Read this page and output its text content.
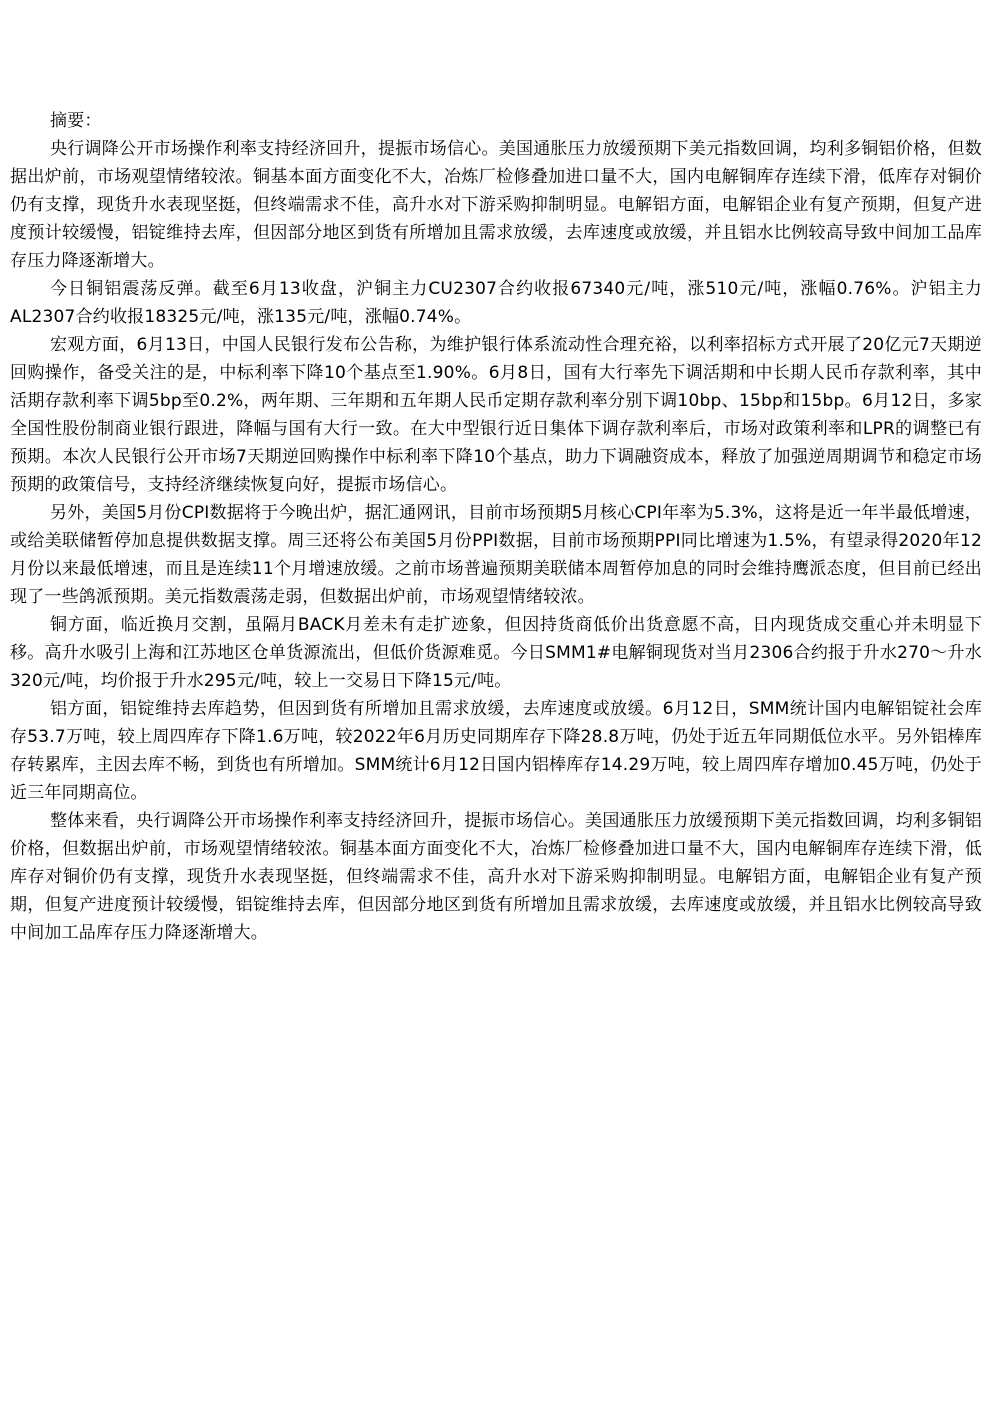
摘要：

央行调降公开市场操作利率支持经济回升，提振市场信心。美国通胀压力放缓预期下美元指数回调，均利多铜铝价格，但数据出炉前，市场观望情绪较浓。铜基本面方面变化不大，冶炼厂检修叠加进口量不大，国内电解铜库存连续下滑，低库存对铜价仍有支撑，现货升水表现坚挺，但终端需求不佳，高升水对下游采购抑制明显。电解铝方面，电解铝企业有复产预期，但复产进度预计较缓慢，铝锭维持去库，但因部分地区到货有所增加且需求放缓，去库速度或放缓，并且铝水比例较高导致中间加工品库存压力降逐渐增大。

今日铜铝震荡反弹。截至6月13收盘，沪铜主力CU2307合约收报67340元/吨，涨510元/吨，涨幅0.76%。沪铝主力AL2307合约收报18325元/吨，涨135元/吨，涨幅0.74%。

宏观方面，6月13日，中国人民银行发布公告称，为维护银行体系流动性合理充裕，以利率招标方式开展了20亿元7天期逆回购操作，备受关注的是，中标利率下降10个基点至1.90%。6月8日，国有大行率先下调活期和中长期人民币存款利率，其中活期存款利率下调5bp至0.2%，两年期、三年期和五年期人民币定期存款利率分别下调10bp、15bp和15bp。6月12日，多家全国性股份制商业银行跟进，降幅与国有大行一致。在大中型银行近日集体下调存款利率后，市场对政策利率和LPR的调整已有预期。本次人民银行公开市场7天期逆回购操作中标利率下降10个基点，助力下调融资成本，释放了加强逆周期调节和稳定市场预期的政策信号，支持经济继续恢复向好，提振市场信心。

另外，美国5月份CPI数据将于今晚出炉，据汇通网讯，目前市场预期5月核心CPI年率为5.3%，这将是近一年半最低增速，或给美联储暂停加息提供数据支撑。周三还将公布美国5月份PPI数据，目前市场预期PPI同比增速为1.5%，有望录得2020年12月份以来最低增速，而且是连续11个月增速放缓。之前市场普遍预期美联储本周暂停加息的同时会维持鹰派态度，但目前已经出现了一些鸽派预期。美元指数震荡走弱，但数据出炉前，市场观望情绪较浓。

铜方面，临近换月交割，虽隔月BACK月差未有走扩迹象，但因持货商低价出货意愿不高，日内现货成交重心并未明显下移。高升水吸引上海和江苏地区仓单货源流出，但低价货源难觅。今日SMM1#电解铜现货对当月2306合约报于升水270～升水320元/吨，均价报于升水295元/吨，较上一交易日下降15元/吨。

铝方面，铝锭维持去库趋势，但因到货有所增加且需求放缓，去库速度或放缓。6月12日，SMM统计国内电解铝锭社会库存53.7万吨，较上周四库存下降1.6万吨，较2022年6月历史同期库存下降28.8万吨，仍处于近五年同期低位水平。另外铝棒库存转累库，主因去库不畅，到货也有所增加。SMM统计6月12日国内铝棒库存14.29万吨，较上周四库存增加0.45万吨，仍处于近三年同期高位。

整体来看，央行调降公开市场操作利率支持经济回升，提振市场信心。美国通胀压力放缓预期下美元指数回调，均利多铜铝价格，但数据出炉前，市场观望情绪较浓。铜基本面方面变化不大，冶炼厂检修叠加进口量不大，国内电解铜库存连续下滑，低库存对铜价仍有支撑，现货升水表现坚挺，但终端需求不佳，高升水对下游采购抑制明显。电解铝方面，电解铝企业有复产预期，但复产进度预计较缓慢，铝锭维持去库，但因部分地区到货有所增加且需求放缓，去库速度或放缓，并且铝水比例较高导致中间加工品库存压力降逐渐增大。
